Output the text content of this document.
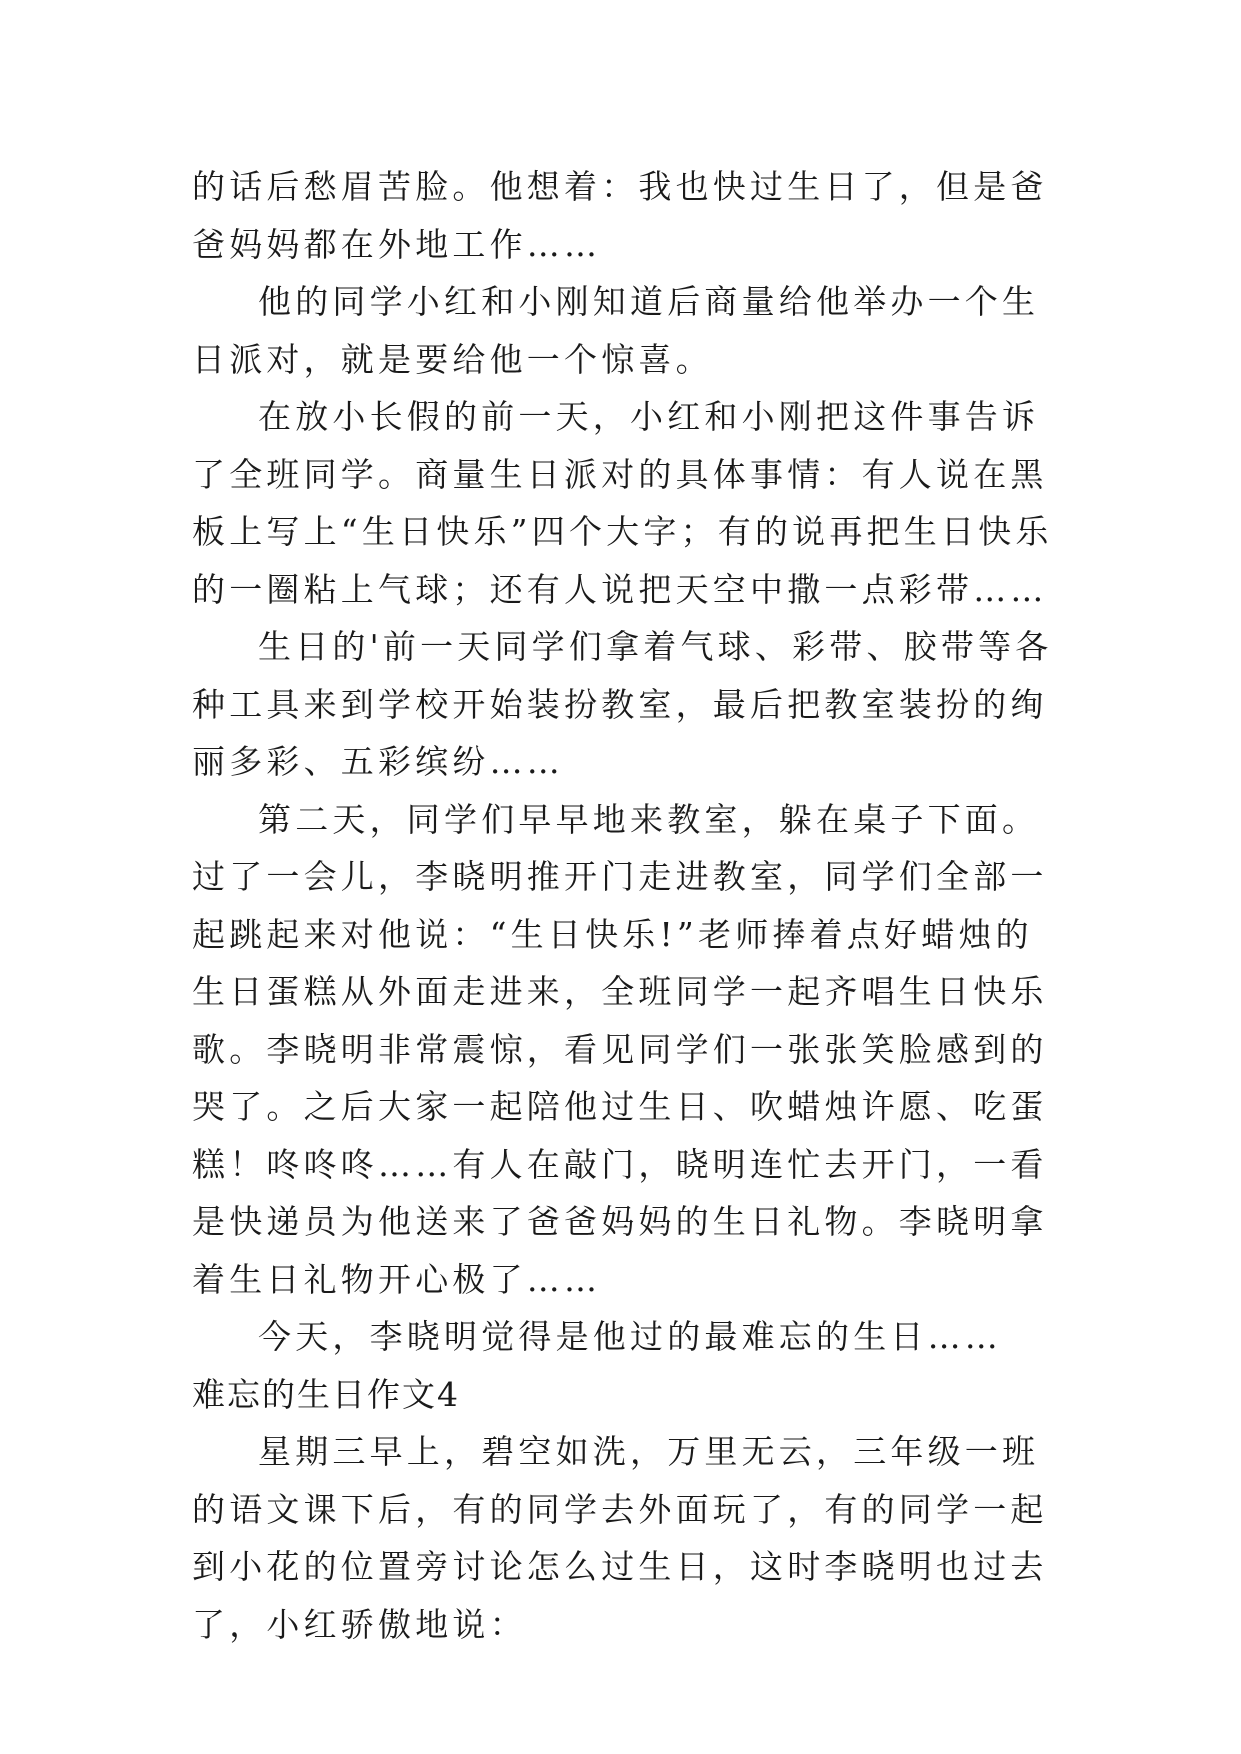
的话后愁眉苦脸。他想着：我也快过生日了，但是爸爸妈妈都在外地工作……

他的同学小红和小刚知道后商量给他举办一个生日派对，就是要给他一个惊喜。

在放小长假的前一天，小红和小刚把这件事告诉了全班同学。商量生日派对的具体事情：有人说在黑板上写上“生日快乐”四个大字；有的说再把生日快乐的一圈粘上气球；还有人说把天空中撒一点彩带……

生日的'前一天同学们拿着气球、彩带、胶带等各种工具来到学校开始装扮教室，最后把教室装扮的绚丽多彩、五彩缤纷……

第二天，同学们早早地来教室，躲在桌子下面。过了一会儿，李晓明推开门走进教室，同学们全部一起跳起来对他说：“生日快乐!”老师捧着点好蜡烛的生日蛋糕从外面走进来，全班同学一起齐唱生日快乐歌。李晓明非常震惊，看见同学们一张张笑脸感到的哭了。之后大家一起陪他过生日、吹蜡烛许愿、吃蛋糕！咚咚咚……有人在敲门，晓明连忙去开门，一看是快递员为他送来了爸爸妈妈的生日礼物。李晓明拿着生日礼物开心极了……

今天，李晓明觉得是他过的最难忘的生日……

难忘的生日作文4

星期三早上，碧空如洗，万里无云，三年级一班的语文课下后，有的同学去外面玩了，有的同学一起到小花的位置旁讨论怎么过生日，这时李晓明也过去了，小红骄傲地说：
